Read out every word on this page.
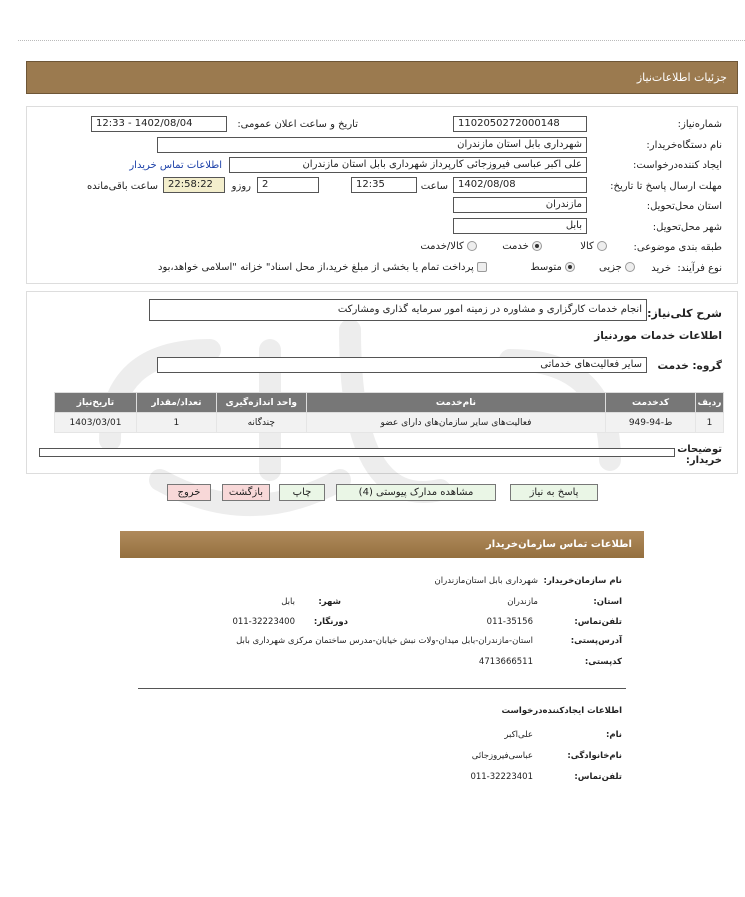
جزئیات اطلاعات‌نیاز
شماره‌نیاز:
1102050272000148
تاریخ و ساعت اعلان عمومی:
1402/08/04 - 12:33
نام دستگاه‌خریدار:
شهرداری بابل استان مازندران
ایجاد کننده‌درخواست:
علی اکبر عباسی فیروزجائی کارپرداز شهرداری بابل استان مازندران
اطلاعات تماس خریدار
مهلت ارسال پاسخ تا تاریخ:
1402/08/08
ساعت
12:35
2
روزو
22:58:22
ساعت باقی‌مانده
استان محل‌تحویل:
مازندران
شهر محل‌تحویل:
بابل
طبقه بندی موضوعی:
کالا
خدمت
کالا/خدمت
نوع فرآیند:
خرید
جزیی
متوسط
پرداخت تمام یا بخشی از مبلغ خرید،از محل اسناد" خزانه "اسلامی خواهد،بود
شرح کلی‌نیاز:
انجام خدمات کارگزاری و مشاوره در زمینه امور سرمایه گذاری ومشارکت
اطلاعات خدمات موردنیاز
گروه: خدمت
سایر فعالیت‌های خدماتی
ردیف	کدخدمت	نام‌خدمت	واحد اندازه‌گیری	تعداد/مقدار	تاریخ‌نیاز
1	ط-94-949	فعالیت‌های سایر سازمان‌های دارای عضو	چندگانه	1	1403/03/01
توضیحات خریدار:
پاسخ به نیاز
مشاهده مدارک پیوستی (4)
چاپ
بازگشت
خروج
اطلاعات تماس سازمان‌خریدار
نام سازمان‌خریدار:
شهرداری بابل استان‌مازندران
استان:
مازندران
شهر:
بابل
تلفن‌تماس:
011-35156
دورنگار:
011-32223400
آدرس‌پستی:
استان-مازندران-بابل میدان-ولات نبش خیابان-مدرس ساختمان مرکزی شهرداری بابل
کدپستی:
4713666511
اطلاعات ایجادکننده‌درخواست
نام:
علی‌اکبر
نام‌خانوادگی:
عباسی‌فیروزجائی
تلفن‌تماس:
011-32223401
